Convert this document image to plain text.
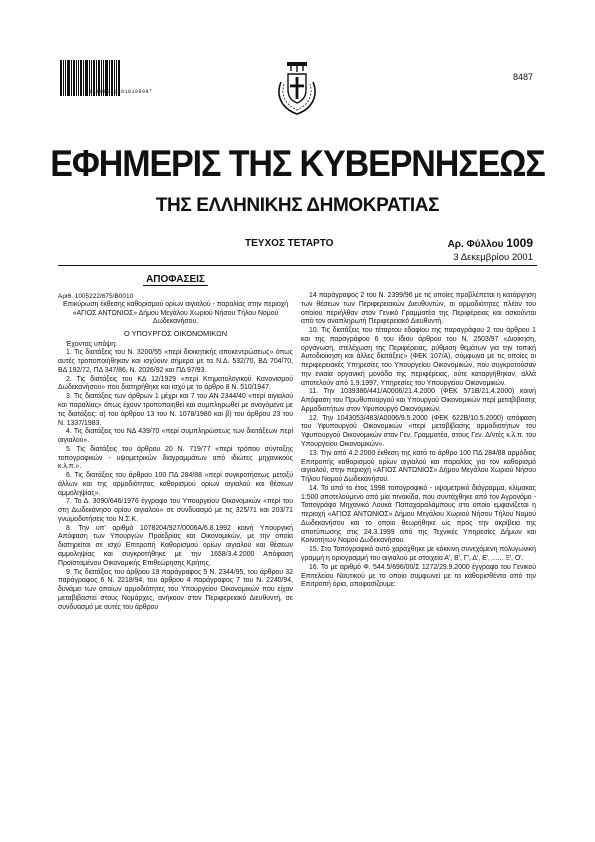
*01009032301010008*
8487
ΕΦΗΜΕΡΙΣ ΤΗΣ ΚΥΒΕΡΝΗΣΕΩΣ
ΤΗΣ ΕΛΛΗΝΙΚΗΣ ΔΗΜΟΚΡΑΤΙΑΣ
ΤΕΥΧΟΣ ΤΕΤΑΡΤΟ	Αρ. Φύλλου 1009
3 Δεκεμβρίου 2001
ΑΠΟΦΑΣΕΙΣ

Αριθ. 1005222/675/Β0010

Επικύρωση έκθεσης καθορισμού ορίων αιγιαλού - παραλίας στην περιοχή «ΑΓΙΟΣ ΑΝΤΩΝΙΟΣ» Δήμου Μεγάλου Χωριού Νήσου Τήλου Νομού Δωδεκανήσου.

Ο ΥΠΟΥΡΓΟΣ ΟΙΚΟΝΟΜΙΚΩΝ

Έχοντας υπόψη:

1. Τις διατάξεις του Ν. 3200/55 «περί διοικητικής αποκεντρώσεως» όπως αυτές τροποποιήθηκαν και ισχύουν σήμερα με τα Ν.Δ. 532/70, ΒΔ 704/70, ΒΔ 192/72, ΠΔ 347/86, Ν. 2026/92 και ΠΔ 97/93.

2. Τις διατάξεις του ΚΔ 12/1929 «περί Κτηματολογικού Κανονισμού Δωδεκανήσου» που διατηρήθηκε και ισχύ με το άρθρο 8 Ν. 510/1947.

3. Τις διατάξεις των άρθρων 1 μέχρι και 7 του ΑΝ 2344/40 «περί αιγιαλού και παραλίας» όπως έχουν τροποποιηθεί και συμπληρωθεί με αναγόμενα με τις διατάξεις: α) του άρθρου 13 του Ν. 1078/1980 και β) του άρθρου 23 του Ν. 1337/1983.

4. Τις διατάξεις του ΝΔ 439/70 «περί συμπληρώσεως των διατάξεων περί αιγιαλού».

5. Τις διατάξεις του άρθρου 20 Ν. 719/77 «περί τρόπου σύνταξης τοπογραφικών - υψομετρικών διαγραμμάτων από ιδιώτες μηχανικούς κ.λ.π.».

6. Τις διατάξεις του άρθρου 100 ΠΔ 284/88 «περί συγκροτήσεως μεταξύ άλλων και της αρμοδιότητας καθορισμού ορίων αιγιαλού και θέσεων αμμοληψίας».

7. Το Δ. 3090/646/1976 έγγραφο του Υπουργείου Οικονομικών «περί του στη Δωδεκάνησο ορίου αιγιαλού» σε συνδυασμό με τις 325/71 και 203/71 γνωμοδοτήσεις του Ν.Σ.Κ.

8. Την υπ' αριθμό 1078204/927/0006Α/6.8.1992 κοινή Υπουργική Απόφαση των Υπουργών Προεδρίας και Οικονομικών, με την οποία διατηρείται σε ισχύ Επιτροπή Καθορισμού ορίων αιγιαλού και θέσεων αμμοληψίας και συγκροτήθηκε με την 1658/3.4.2000 Απόφαση Προϊσταμένου Οικονομικής Επιθεώρησης Κρήτης.

9. Τις διατάξεις του άρθρου 19 παράγραφος 5 Ν. 2344/95, του άρθρου 32 παράγραφος 6 Ν. 2218/94, του άρθρου 4 παράγραφος 7 του Ν. 2240/94, δυνάμει των οποίων αρμοδιότητες του Υπουργείου Οικονομικών που είχαν μεταβιβαστεί στους Νομάρχες, ανήκουν στον Περιφερειακό Διευθυντή, σε συνδυασμό με αυτές του άρθρου

14 παράγραφος 2 του Ν. 2399/96 με τις οποίες προβλέπεται η κατάργηση των θέσεων των Περιφερειακών Διευθυντών, οι αρμοδιότητες πλέον του οποίου περιήλθαν στον Γενικό Γραμματέα της Περιφέρειας και ασκούνται από τον αναπληρωτή Περιφερειακό Διευθυντή.

10. Τις διατάξεις του τέταρτου εδαφίου της παραγράφου 2 του άρθρου 1 και της παραγράφου 6 του ίδιου άρθρου του Ν. 2503/97 «Διοίκηση, οργάνωση, στελέχωση της Περιφέρειας, ρύθμιση θεμάτων για την τοπική Αυτοδιοίκηση και άλλες διατάξεις» (ΦΕΚ 107/Α), σύμφωνα με τις οποίες οι περιφερειακές Υπηρεσίες του Υπουργείου Οικονομικών, που συγκροτούσαν την ενιαία οργανική μονάδα της περιφέρειας, ούτε καταργήθηκαν, αλλά αποτελούν από 1.9.1997, Υπηρεσίες του Υπουργείου Οικονομικών.

11. Την 1039386/441/Α0006/21.4.2000 (ΦΕΚ 571Β/21.4.2000) κοινή Απόφαση του Πρωθυπουργού και Υπουργού Οικονομικών περί μεταβίβασης Αρμοδιοτήτων στον Υφυπουργό Οικονομικών.

12. Την 1043053/483/Α0006/9.5.2000 (ΦΕΚ 622Β/10.5.2000) απόφαση του Υφυπουργού Οικονομικών «περί μεταβίβασης αρμοδιοτήτων του Υφυπουργού Οικονομικών στον Γεν. Γραμματέα, στους Γεν. Δ/ντές κ.λ.π. του Υπουργείου Οικονομικών».

13. Την από 4.2.2000 έκθεση της κατά το άρθρο 100 ΠΔ 284/88 αρμόδιας Επιτροπής καθορισμού ορίων αιγιαλού και παραλίας για τον καθορισμό αιγιαλού, στην περιοχή «ΑΓΙΟΣ ΑΝΤΩΝΙΟΣ» Δήμου Μεγάλου Χωριού Νήσου Τήλου Νομού Δωδεκανήσου.

14. Το από το έτος 1998 τοπογραφικό - υψομετρικό διάγραμμα, κλίμακας 1:500 αποτελούμενο από μία πινακίδα, που συντάχθηκε από τον Αγρονόμο - Τοπογράφο Μηχανικό Λουκά Παπαχαραλάμπους στο οποίο εμφανίζεται η περιοχή «ΑΓΙΟΣ ΑΝΤΩΝΙΟΣ» Δήμου Μεγάλου Χωριού Νήσου Τήλου Νομού Δωδεκανήσου και το οποίο θεωρήθηκε ως προς την ακρίβεια της αποτύπωσης στις 24.3.1999 από της Τεχνικές Υπηρεσίες Δήμων και Κοινοτήτων Νομού Δωδεκανήσου.

15. Στο Τοπογραφικό αυτό χαράχθηκε με κόκκινη συνεχόμενη πολυγωνική γραμμή η οριογραμμή του αιγιαλού με στοιχεία Α', Β', Γ', Δ', Ε', ...... Ξ', Ο'.

16. Το με αριθμό Φ. 544.5/696/00/Σ 1272/29.9.2000 έγγραφο του Γενικού Επιτελείου Ναυτικού με το οποίο συμφωνεί με τα καθορισθέντα από την Επιτροπή όρια, αποφασίζουμε:
